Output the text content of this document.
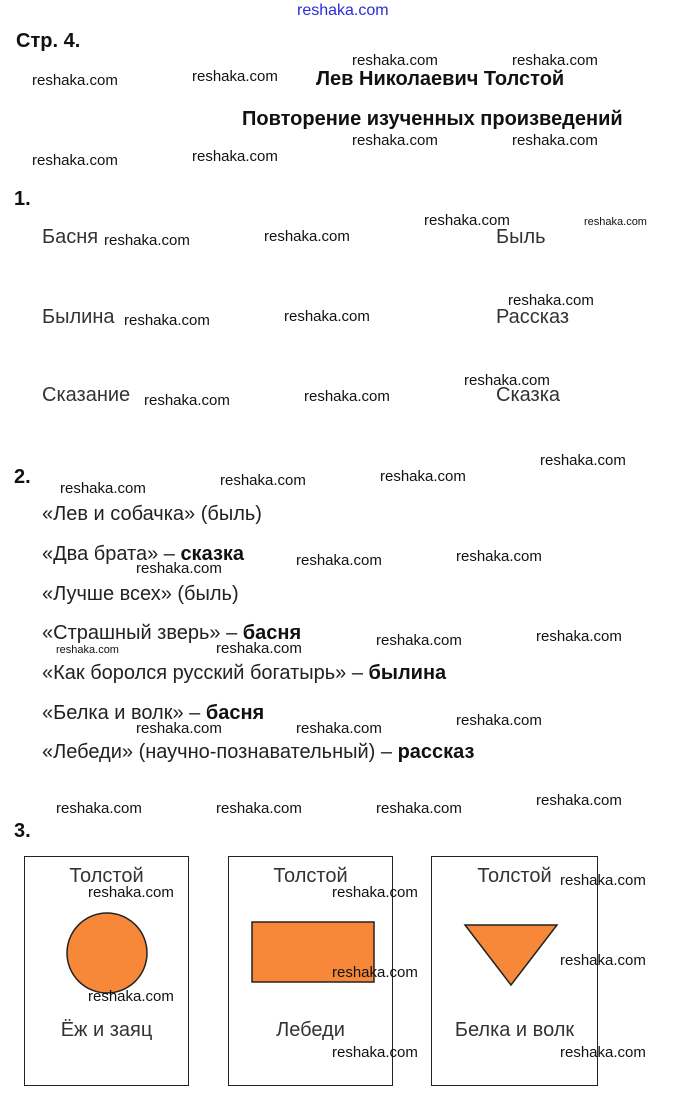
reshaka.com
Стр. 4.
Лев Николаевич Толстой
Повторение изученных произведений
1.
Басня	Быль
Былина	Рассказ
Сказание	Сказка
2.
«Лев и собачка» (быль)
«Два брата» – сказка
«Лучше всех» (быль)
«Страшный зверь» – басня
«Как боролся русский богатырь» – былина
«Белка и волк» – басня
«Лебеди» (научно-познавательный) – рассказ
3.
Толстой
Ёж и заяц
Толстой
Лебеди
Толстой
Белка и волк
reshaka.com	reshaka.com
reshaka.com	reshaka.com
reshaka.com	reshaka.com
reshaka.com	reshaka.com
reshaka.com	reshaka.com
reshaka.com	reshaka.com
reshaka.com
reshaka.com	reshaka.com
reshaka.com
reshaka.com	reshaka.com
reshaka.com
reshaka.com
reshaka.com
reshaka.com
reshaka.com
reshaka.com
reshaka.com
reshaka.com
reshaka.com
reshaka.com
reshaka.com
reshaka.com
reshaka.com
reshaka.com
reshaka.com
reshaka.com	reshaka.com	reshaka.com
reshaka.com
reshaka.com	reshaka.com
reshaka.com
reshaka.com
reshaka.com
reshaka.com
reshaka.com
